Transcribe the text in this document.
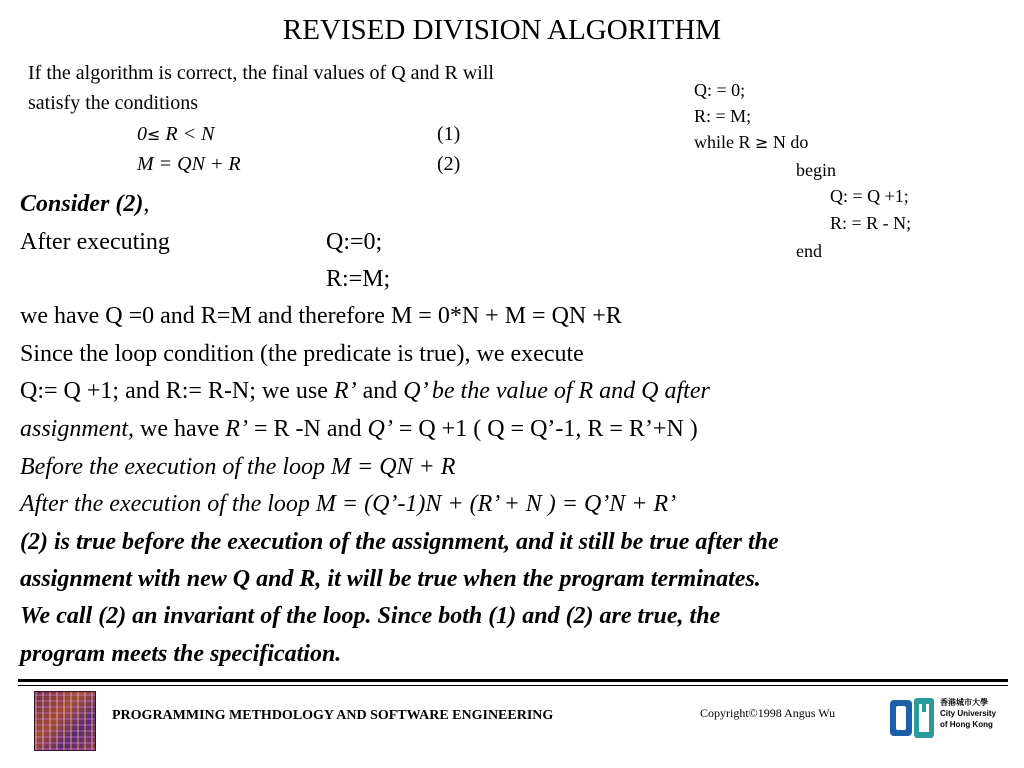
REVISED DIVISION ALGORITHM
If the algorithm is correct, the final values of Q and R will
satisfy the conditions
0≤ R < N	(1)
M = QN + R	(2)
Q: = 0;
R: = M;
while R ≥ N do
begin
Q: = Q +1;
R: = R - N;
end
Consider (2),
After executing	Q:=0;
R:=M;
we have Q =0 and R=M and therefore M = 0*N + M = QN +R
Since the loop condition (the predicate is true), we execute
Q:= Q +1; and R:= R-N; we use R’ and Q’ be the value of R and Q after
assignment, we have R’ = R -N and Q’ = Q +1 ( Q = Q’-1, R = R’+N )
Before the execution of the loop M = QN + R
After the execution of the loop M = (Q’-1)N + (R’ + N ) = Q’N + R’
(2) is true before the execution of the assignment, and it still be true after the
assignment with new Q and R, it will be true when the program terminates.
We call (2) an invariant of the loop. Since both (1) and (2) are true, the
program meets the specification.
PROGRAMMING METHDOLOGY AND SOFTWARE ENGINEERING	Copyright©1998 Angus Wu
香港城市大學
City University
of Hong Kong
